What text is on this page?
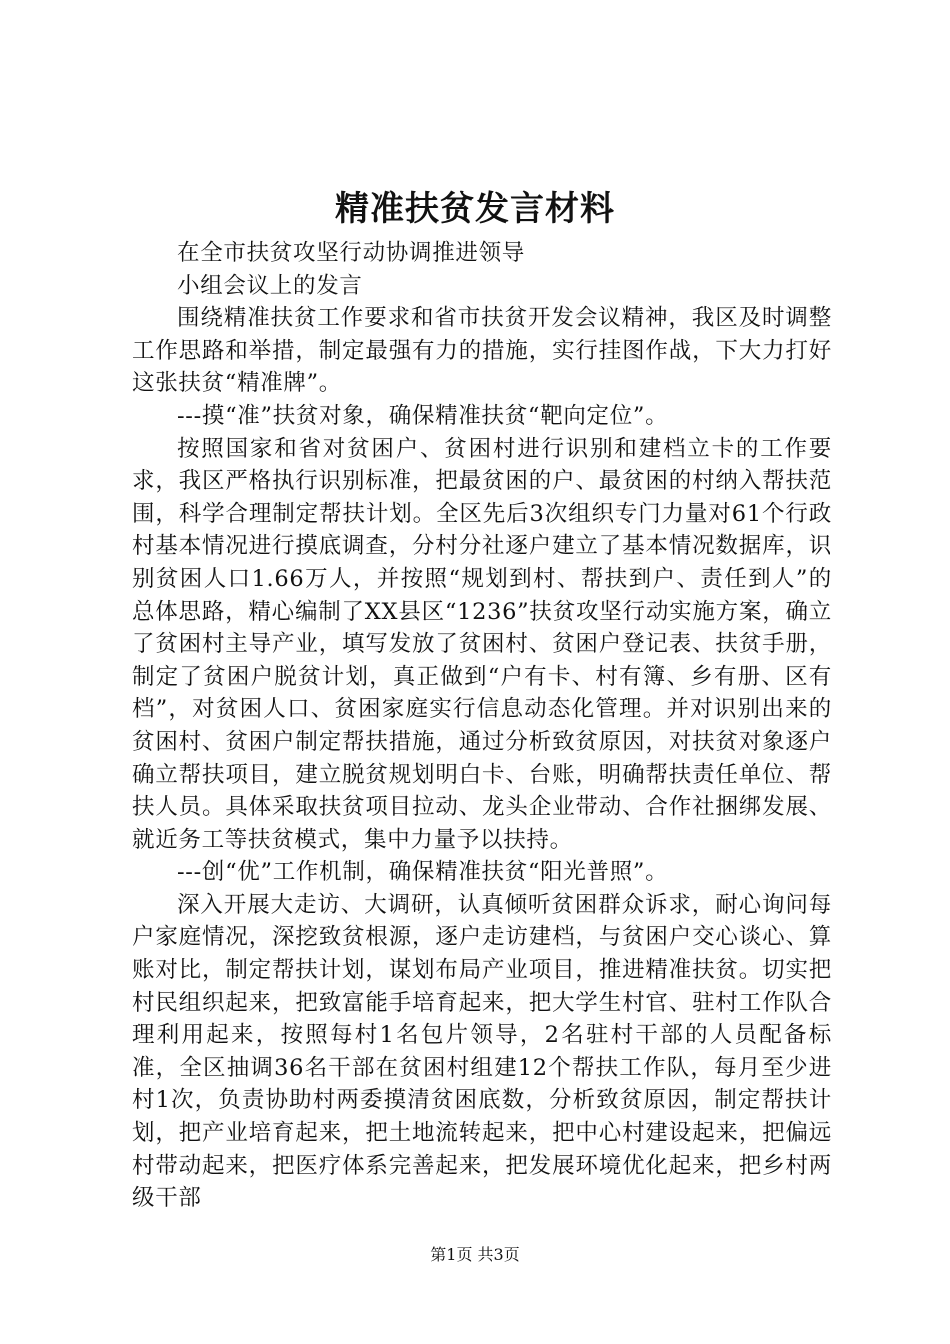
精准扶贫发言材料

在全市扶贫攻坚行动协调推进领导

小组会议上的发言

围绕精准扶贫工作要求和省市扶贫开发会议精神，我区及时调整工作思路和举措，制定最强有力的措施，实行挂图作战，下大力打好这张扶贫“精准牌”。

---摸“准”扶贫对象，确保精准扶贫“靶向定位”。

按照国家和省对贫困户、贫困村进行识别和建档立卡的工作要求，我区严格执行识别标准，把最贫困的户、最贫困的村纳入帮扶范围，科学合理制定帮扶计划。全区先后3次组织专门力量对61个行政村基本情况进行摸底调查，分村分社逐户建立了基本情况数据库，识别贫困人口1.66万人，并按照“规划到村、帮扶到户、责任到人”的总体思路，精心编制了XX县区“1236”扶贫攻坚行动实施方案，确立了贫困村主导产业，填写发放了贫困村、贫困户登记表、扶贫手册，制定了贫困户脱贫计划，真正做到“户有卡、村有簿、乡有册、区有档”，对贫困人口、贫困家庭实行信息动态化管理。并对识别出来的贫困村、贫困户制定帮扶措施，通过分析致贫原因，对扶贫对象逐户确立帮扶项目，建立脱贫规划明白卡、台账，明确帮扶责任单位、帮扶人员。具体采取扶贫项目拉动、龙头企业带动、合作社捆绑发展、就近务工等扶贫模式，集中力量予以扶持。

---创“优”工作机制，确保精准扶贫“阳光普照”。

深入开展大走访、大调研，认真倾听贫困群众诉求，耐心询问每户家庭情况，深挖致贫根源，逐户走访建档，与贫困户交心谈心、算账对比，制定帮扶计划，谋划布局产业项目，推进精准扶贫。切实把村民组织起来，把致富能手培育起来，把大学生村官、驻村工作队合理利用起来，按照每村1名包片领导，2名驻村干部的人员配备标准，全区抽调36名干部在贫困村组建12个帮扶工作队，每月至少进村1次，负责协助村两委摸清贫困底数，分析致贫原因，制定帮扶计划，把产业培育起来，把土地流转起来，把中心村建设起来，把偏远村带动起来，把医疗体系完善起来，把发展环境优化起来，把乡村两级干部

第1页 共3页
